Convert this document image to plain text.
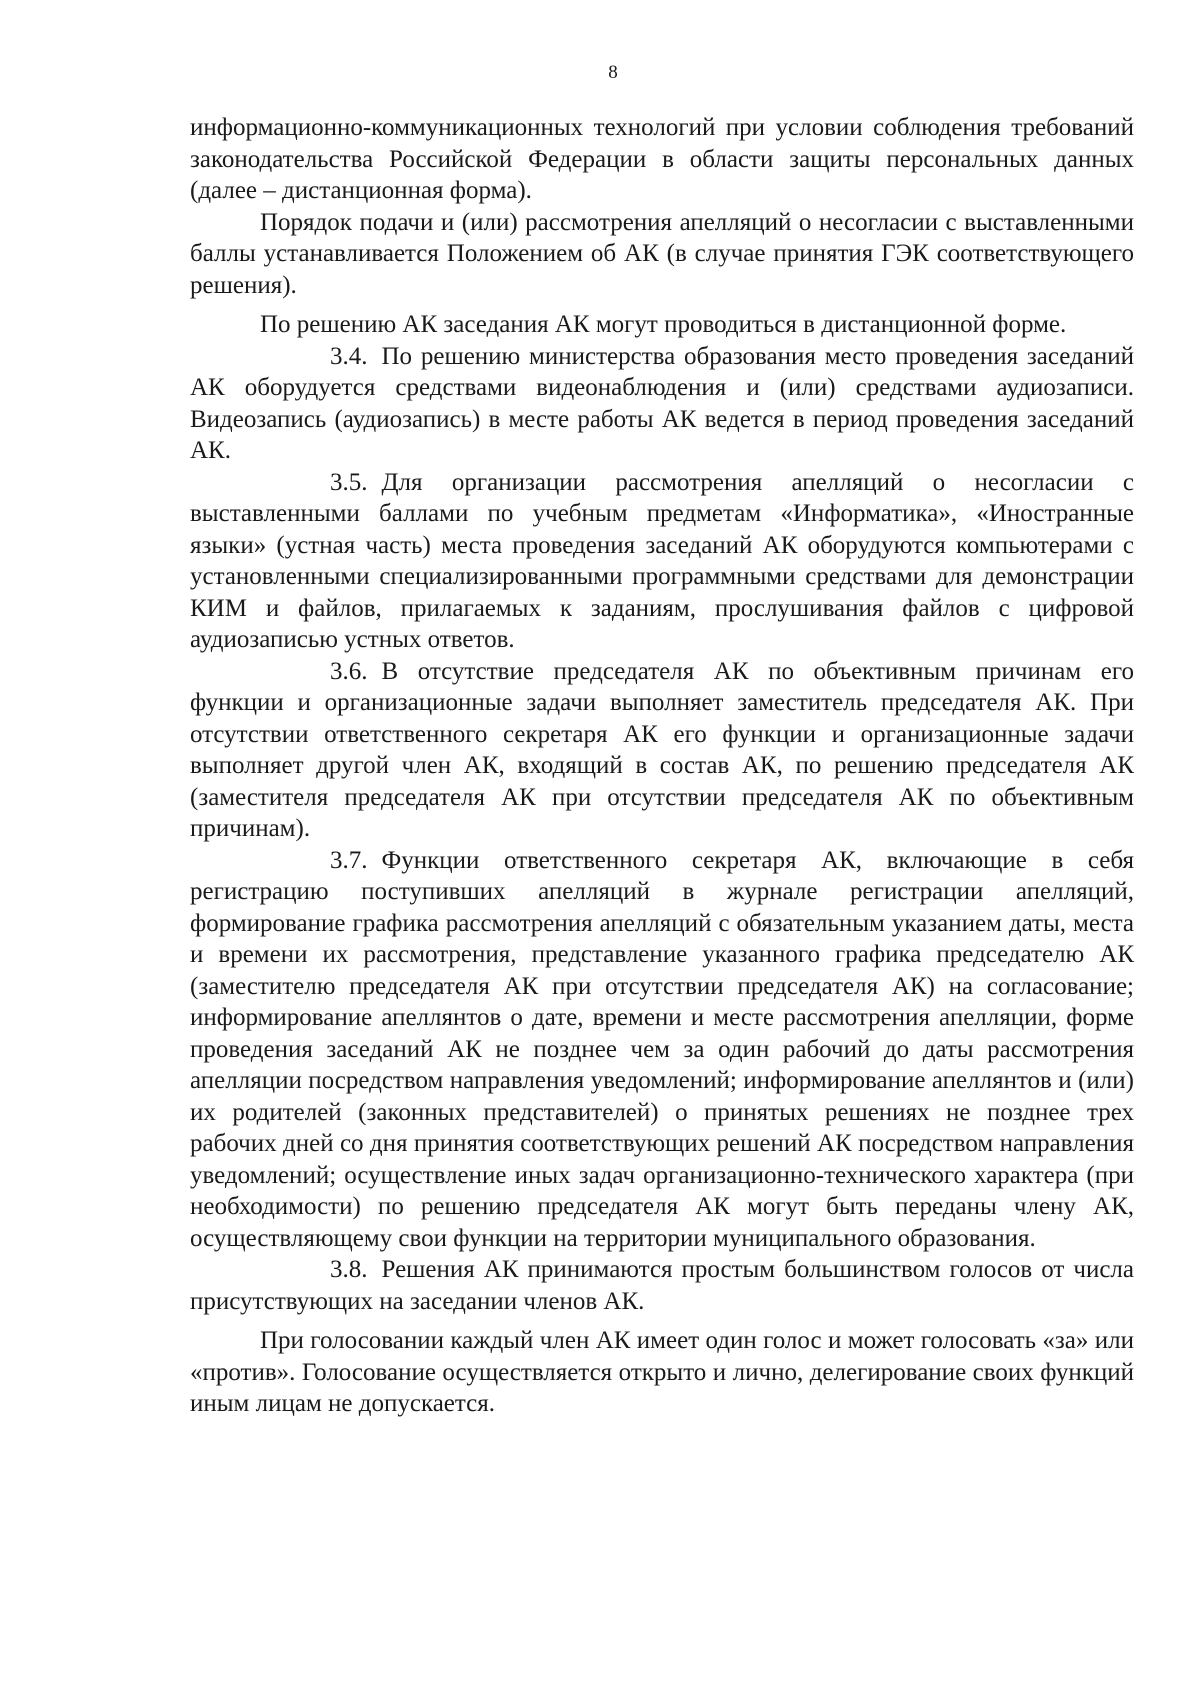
8

информационно-коммуникационных технологий при условии соблюдения требований законодательства Российской Федерации в области защиты персональных данных (далее – дистанционная форма).

Порядок подачи и (или) рассмотрения апелляций о несогласии с выставленными баллы устанавливается Положением об АК (в случае принятия ГЭК соответствующего решения).

По решению АК заседания АК могут проводиться в дистанционной форме.

3.4. По решению министерства образования место проведения заседаний АК оборудуется средствами видеонаблюдения и (или) средствами аудиозаписи. Видеозапись (аудиозапись) в месте работы АК ведется в период проведения заседаний АК.

3.5. Для организации рассмотрения апелляций о несогласии с выставленными баллами по учебным предметам «Информатика», «Иностранные языки» (устная часть) места проведения заседаний АК оборудуются компьютерами с установленными специализированными программными средствами для демонстрации КИМ и файлов, прилагаемых к заданиям, прослушивания файлов с цифровой аудиозаписью устных ответов.

3.6. В отсутствие председателя АК по объективным причинам его функции и организационные задачи выполняет заместитель председателя АК. При отсутствии ответственного секретаря АК его функции и организационные задачи выполняет другой член АК, входящий в состав АК, по решению председателя АК (заместителя председателя АК при отсутствии председателя АК по объективным причинам).

3.7. Функции ответственного секретаря АК, включающие в себя регистрацию поступивших апелляций в журнале регистрации апелляций, формирование графика рассмотрения апелляций с обязательным указанием даты, места и времени их рассмотрения, представление указанного графика председателю АК (заместителю председателя АК при отсутствии председателя АК) на согласование; информирование апеллянтов о дате, времени и месте рассмотрения апелляции, форме проведения заседаний АК не позднее чем за один рабочий до даты рассмотрения апелляции посредством направления уведомлений; информирование апеллянтов и (или) их родителей (законных представителей) о принятых решениях не позднее трех рабочих дней со дня принятия соответствующих решений АК посредством направления уведомлений; осуществление иных задач организационно-технического характера (при необходимости) по решению председателя АК могут быть переданы члену АК, осуществляющему свои функции на территории муниципального образования.

3.8. Решения АК принимаются простым большинством голосов от числа присутствующих на заседании членов АК.

При голосовании каждый член АК имеет один голос и может голосовать «за» или «против». Голосование осуществляется открыто и лично, делегирование своих функций иным лицам не допускается.
